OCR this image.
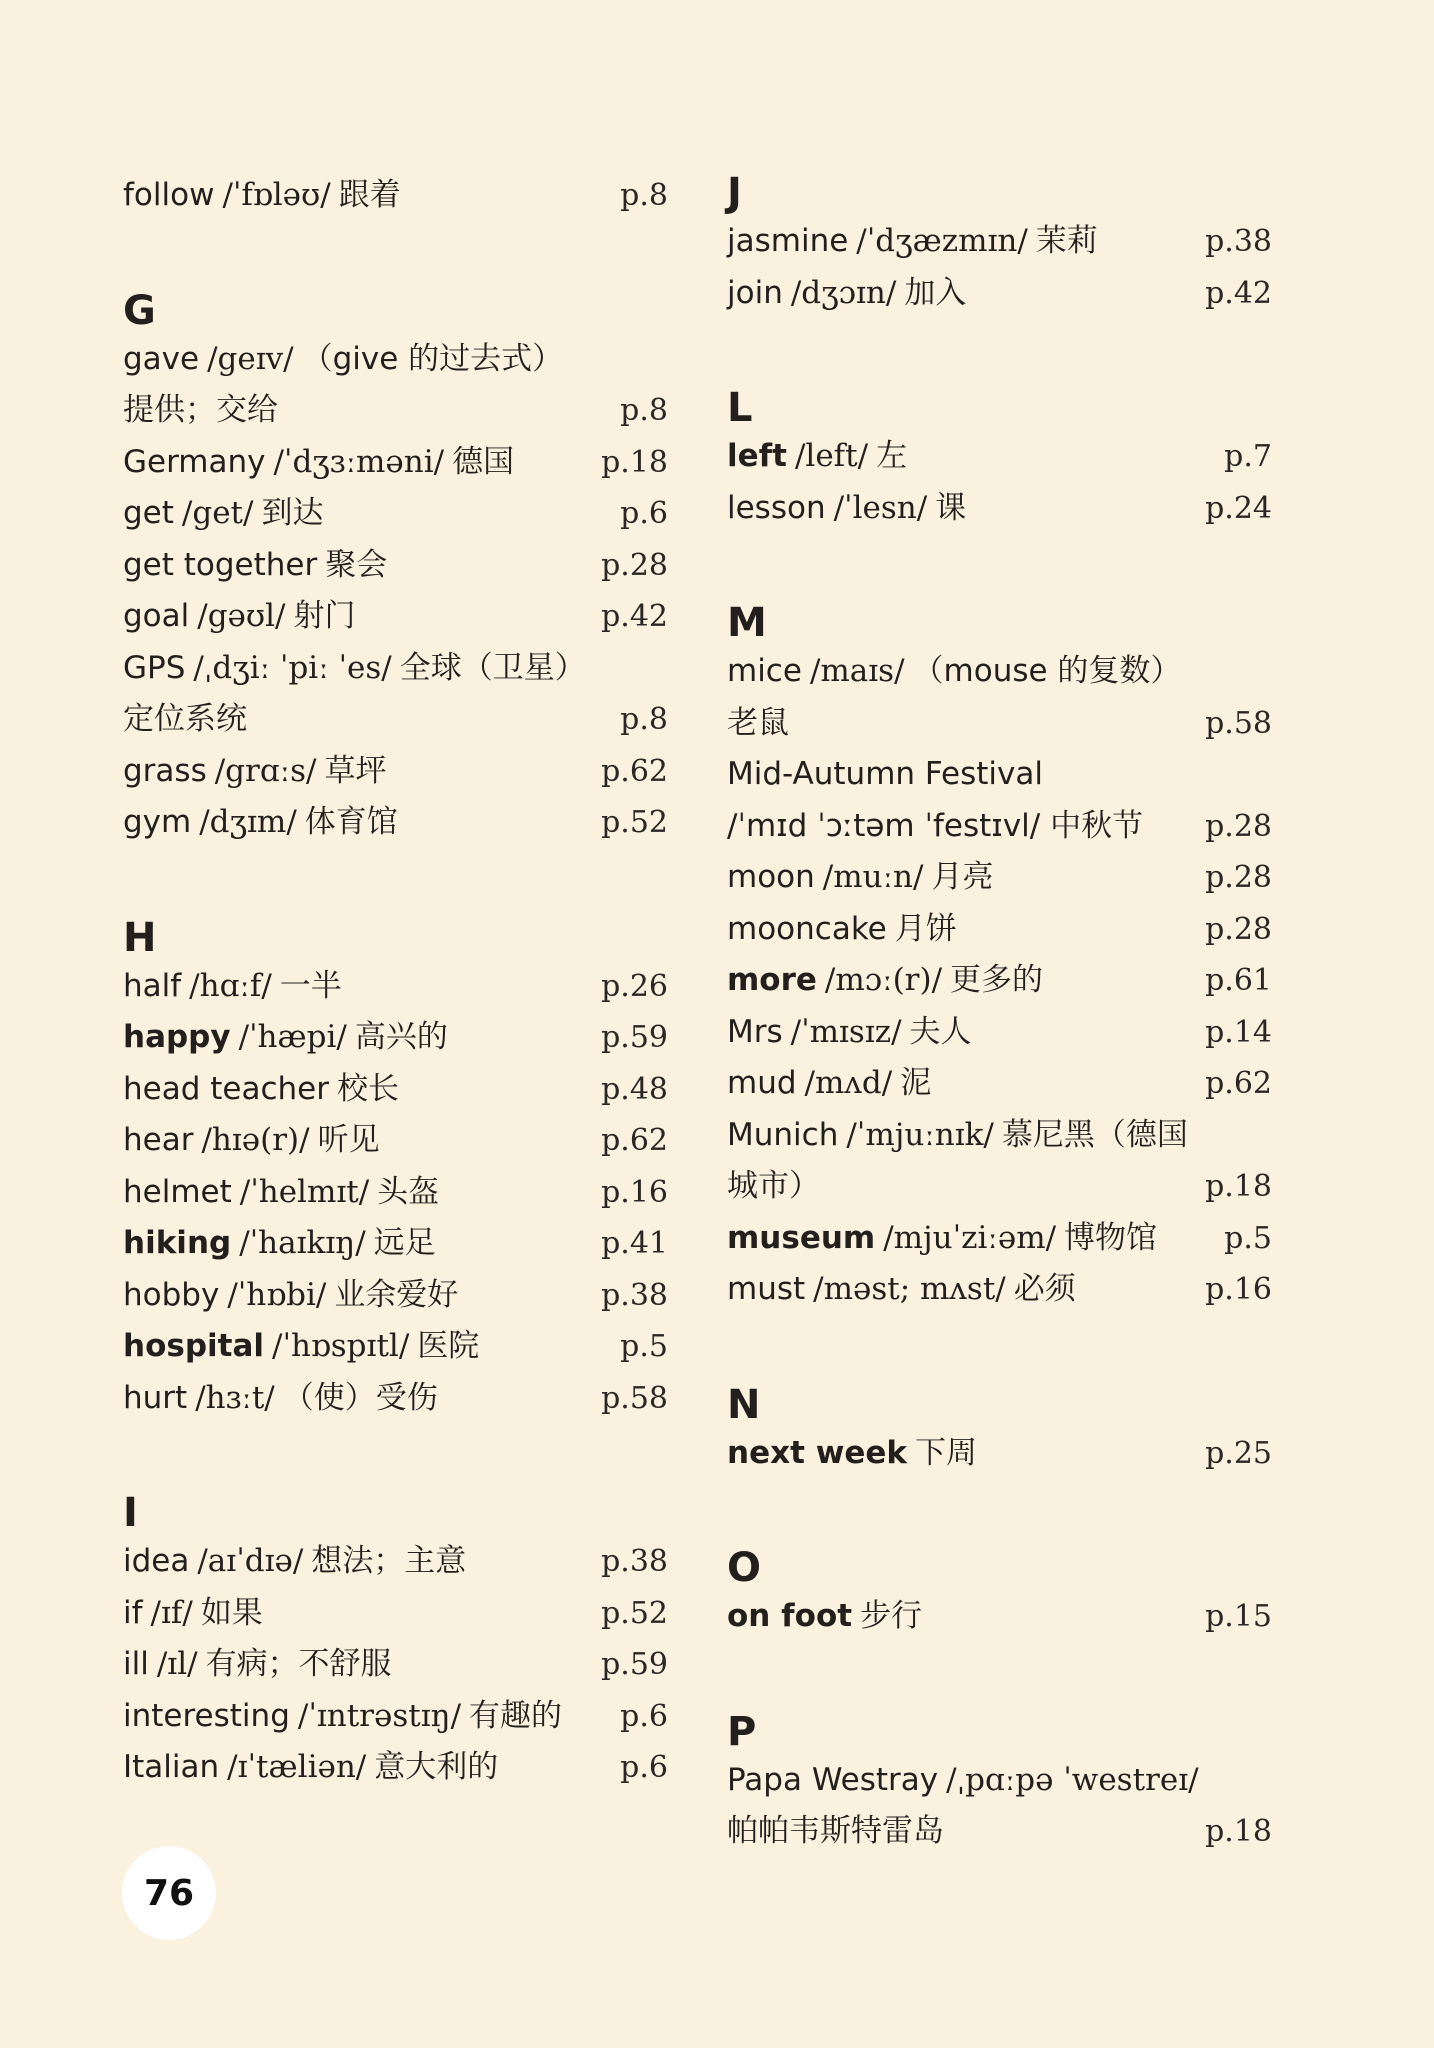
follow /ˈfɒləʊ/ 跟着	p.8
G
gave /geɪv/ （give 的过去式）
提供；交给	p.8
Germany /ˈdʒɜːməni/ 德国	p.18
get /get/ 到达	p.6
get together 聚会	p.28
goal /gəʊl/ 射门	p.42
GPS /ˌdʒiː ˈpiː ˈes/ 全球（卫星）
定位系统	p.8
grass /grɑːs/ 草坪	p.62
gym /dʒɪm/ 体育馆	p.52
H
half /hɑːf/ 一半	p.26
happy /ˈhæpi/ 高兴的	p.59
head teacher 校长	p.48
hear /hɪə(r)/ 听见	p.62
helmet /ˈhelmɪt/ 头盔	p.16
hiking /ˈhaɪkɪŋ/ 远足	p.41
hobby /ˈhɒbi/ 业余爱好	p.38
hospital /ˈhɒspɪtl/ 医院	p.5
hurt /hɜːt/ （使）受伤	p.58
I
idea /aɪˈdɪə/ 想法；主意	p.38
if /ɪf/ 如果	p.52
ill /ɪl/ 有病；不舒服	p.59
interesting /ˈɪntrəstɪŋ/ 有趣的 p.6
Italian /ɪˈtæliən/ 意大利的	p.6
J
jasmine /ˈdʒæzmɪn/ 茉莉	p.38
join /dʒɔɪn/ 加入	p.42
L
left /left/ 左	p.7
lesson /ˈlesn/ 课	p.24
M
mice /maɪs/ （mouse 的复数）
老鼠	p.58
Mid-Autumn Festival
/ˈmɪd ˈɔːtəm ˈfestɪvl/ 中秋节	p.28
moon /muːn/ 月亮	p.28
mooncake 月饼	p.28
more /mɔː(r)/ 更多的	p.61
Mrs /ˈmɪsɪz/ 夫人	p.14
mud /mʌd/ 泥	p.62
Munich /ˈmjuːnɪk/ 慕尼黑（德国
城市）	p.18
museum /mjuˈziːəm/ 博物馆 p.5
must /məst; mʌst/ 必须	p.16
N
next week 下周	p.25
O
on foot 步行	p.15
P
Papa Westray /ˌpɑːpə ˈwestreɪ/
帕帕韦斯特雷岛	p.18
76
